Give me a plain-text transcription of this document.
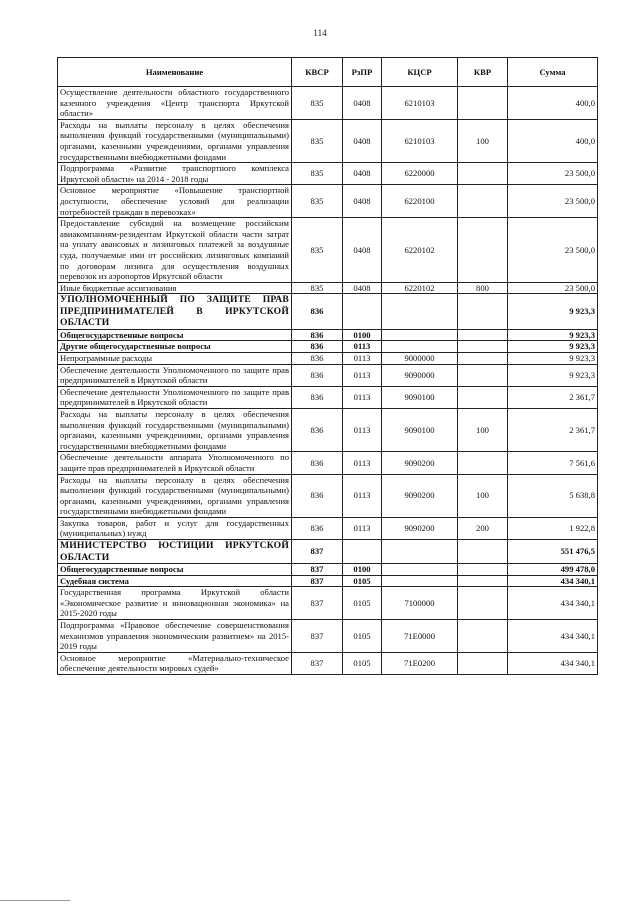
114
Наименование	КВСР	РзПР	КЦСР	КВР	Сумма
Осуществление деятельности областного государственного казенного учреждения «Центр транспорта Иркутской области»	835	0408	6210103		400,0
Расходы на выплаты персоналу в целях обеспечения выполнения функций государственными (муниципальными) органами, казенными учреждениями, органами управления государственными внебюджетными фондами	835	0408	6210103	100	400,0
Подпрограмма «Развитие транспортного комплекса Иркутской области» на 2014 - 2018 годы	835	0408	6220000		23 500,0
Основное мероприятие «Повышение транспортной доступности, обеспечение условий для реализации потребностей граждан в перевозках»	835	0408	6220100		23 500,0
Предоставление субсидий на возмещение российским авиакомпаниям-резидентам Иркутской области части затрат на уплату авансовых и лизинговых платежей за воздушные суда, получаемые ими от российских лизинговых компаний по договорам лизинга для осуществления воздушных перевозок из аэропортов Иркутской области	835	0408	6220102		23 500,0
Иные бюджетные ассигнования	835	0408	6220102	800	23 500,0
УПОЛНОМОЧЕННЫЙ ПО ЗАЩИТЕ ПРАВ ПРЕДПРИНИМАТЕЛЕЙ В ИРКУТСКОЙ ОБЛАСТИ	836				9 923,3
Общегосударственные вопросы	836	0100			9 923,3
Другие общегосударственные вопросы	836	0113			9 923,3
Непрограммные расходы	836	0113	9000000		9 923,3
Обеспечение деятельности Уполномоченного по защите прав предпринимателей в Иркутской области	836	0113	9090000		9 923,3
Обеспечение деятельности Уполномоченного по защите прав предпринимателей в Иркутской области	836	0113	9090100		2 361,7
Расходы на выплаты персоналу в целях обеспечения выполнения функций государственными (муниципальными) органами, казенными учреждениями, органами управления государственными внебюджетными фондами	836	0113	9090100	100	2 361,7
Обеспечение деятельности аппарата Уполномоченного по защите прав предпринимателей в Иркутской области	836	0113	9090200		7 561,6
Расходы на выплаты персоналу в целях обеспечения выполнения функций государственными (муниципальными) органами, казенными учреждениями, органами управления государственными внебюджетными фондами	836	0113	9090200	100	5 638,8
Закупка товаров, работ и услуг для государственных (муниципальных) нужд	836	0113	9090200	200	1 922,8
МИНИСТЕРСТВО ЮСТИЦИИ ИРКУТСКОЙ ОБЛАСТИ	837				551 476,5
Общегосударственные вопросы	837	0100			499 478,0
Судебная система	837	0105			434 340,1
Государственная программа Иркутской области «Экономическое развитие и инновационная экономика» на 2015-2020 годы	837	0105	7100000		434 340,1
Подпрограмма «Правовое обеспечение совершенствования механизмов управления экономическим развитием» на 2015-2019 годы	837	0105	71Е0000		434 340,1
Основное мероприятие «Материально-техническое обеспечение деятельности мировых судей»	837	0105	71Е0200		434 340,1
